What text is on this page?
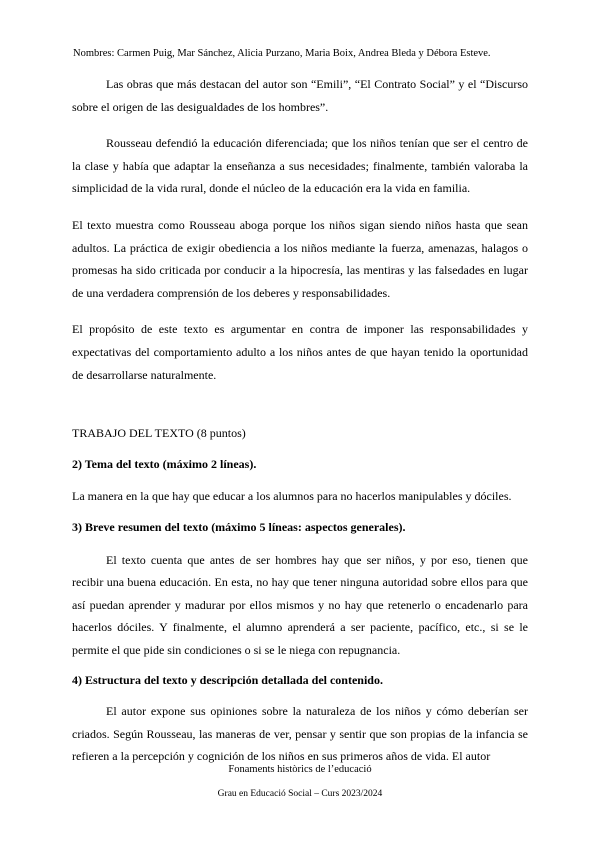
Nombres: Carmen Puig, Mar Sánchez, Alicia Purzano, Maria Boix, Andrea Bleda y Débora Esteve.

Las obras que más destacan del autor son “Emili”, “El Contrato Social” y el “Discurso sobre el origen de las desigualdades de los hombres”.

Rousseau defendió la educación diferenciada; que los niños tenían que ser el centro de la clase y había que adaptar la enseñanza a sus necesidades; finalmente, también valoraba la simplicidad de la vida rural, donde el núcleo de la educación era la vida en familia.

El texto muestra como Rousseau aboga porque los niños sigan siendo niños hasta que sean adultos. La práctica de exigir obediencia a los niños mediante la fuerza, amenazas, halagos o promesas ha sido criticada por conducir a la hipocresía, las mentiras y las falsedades en lugar de una verdadera comprensión de los deberes y responsabilidades.

El propósito de este texto es argumentar en contra de imponer las responsabilidades y expectativas del comportamiento adulto a los niños antes de que hayan tenido la oportunidad de desarrollarse naturalmente.

TRABAJO DEL TEXTO (8 puntos)

2) Tema del texto (máximo 2 líneas).

La manera en la que hay que educar a los alumnos para no hacerlos manipulables y dóciles.

3) Breve resumen del texto (máximo 5 líneas: aspectos generales).

El texto cuenta que antes de ser hombres hay que ser niños, y por eso, tienen que recibir una buena educación. En esta, no hay que tener ninguna autoridad sobre ellos para que así puedan aprender y madurar por ellos mismos y no hay que retenerlo o encadenarlo para hacerlos dóciles. Y finalmente, el alumno aprenderá a ser paciente, pacífico, etc., si se le permite el que pide sin condiciones o si se le niega con repugnancia.

4) Estructura del texto y descripción detallada del contenido.

El autor expone sus opiniones sobre la naturaleza de los niños y cómo deberían ser criados. Según Rousseau, las maneras de ver, pensar y sentir que son propias de la infancia se refieren a la percepción y cognición de los niños en sus primeros años de vida. El autor

Fonaments històrics de l’educació
Grau en Educació Social – Curs 2023/2024
